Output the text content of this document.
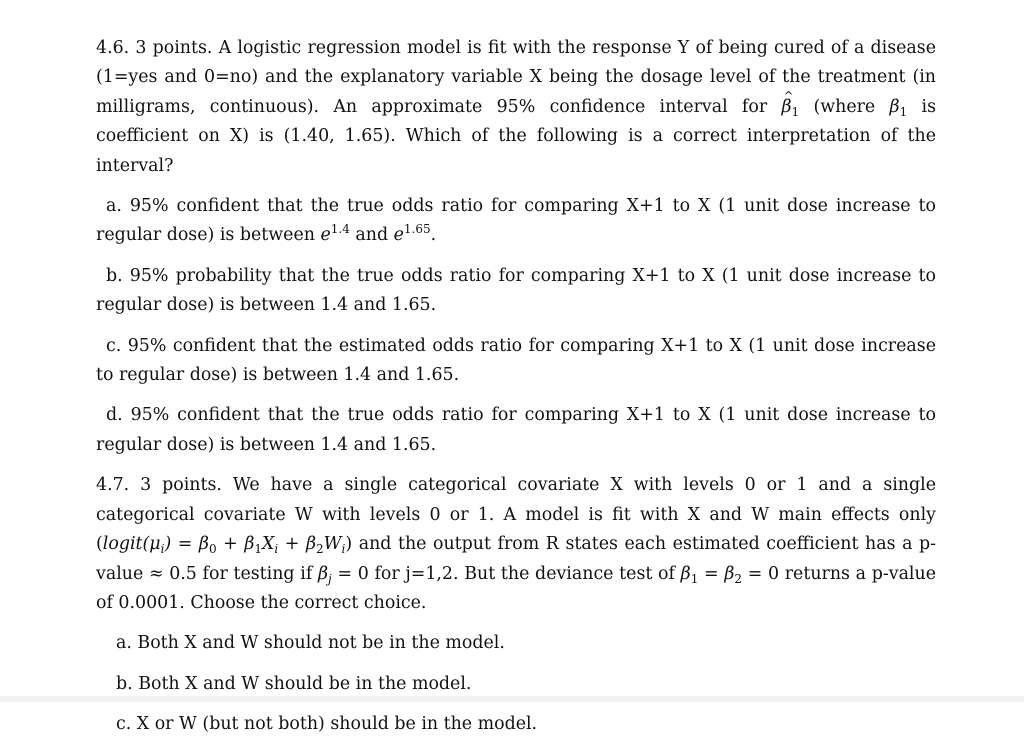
4.6. 3 points. A logistic regression model is fit with the response Y of being cured of a disease (1=yes and 0=no) and the explanatory variable X being the dosage level of the treatment (in milligrams, continuous). An approximate 95% confidence interval for ^ $\beta_1$ (where $\beta_1$ is coefficient on X) is (1.40, 1.65). Which of the following is a correct interpretation of the interval?

a. 95% confident that the true odds ratio for comparing X+1 to X (1 unit dose increase to regular dose) is between $e^{1.4}$ and $e^{1.65}$.

b. 95% probability that the true odds ratio for comparing X+1 to X (1 unit dose increase to regular dose) is between 1.4 and 1.65.

c. 95% confident that the estimated odds ratio for comparing X+1 to X (1 unit dose increase to regular dose) is between 1.4 and 1.65.

d. 95% confident that the true odds ratio for comparing X+1 to X (1 unit dose increase to regular dose) is between 1.4 and 1.65.

4.7. 3 points. We have a single categorical covariate X with levels 0 or 1 and a single categorical covariate W with levels 0 or 1. A model is fit with X and W main effects only $(logit(\mu_i) = \beta_0 + \beta_1X_i + \beta_2W_i)$ and the output from R states each estimated coefficient has a p-value ≈ 0.5 for testing if $\beta_j = 0$ for j=1,2. But the deviance test of $\beta_1 = \beta_2 = 0$ returns a p-value of 0.0001. Choose the correct choice.

a. Both X and W should not be in the model.

b. Both X and W should be in the model.

c. X or W (but not both) should be in the model.
